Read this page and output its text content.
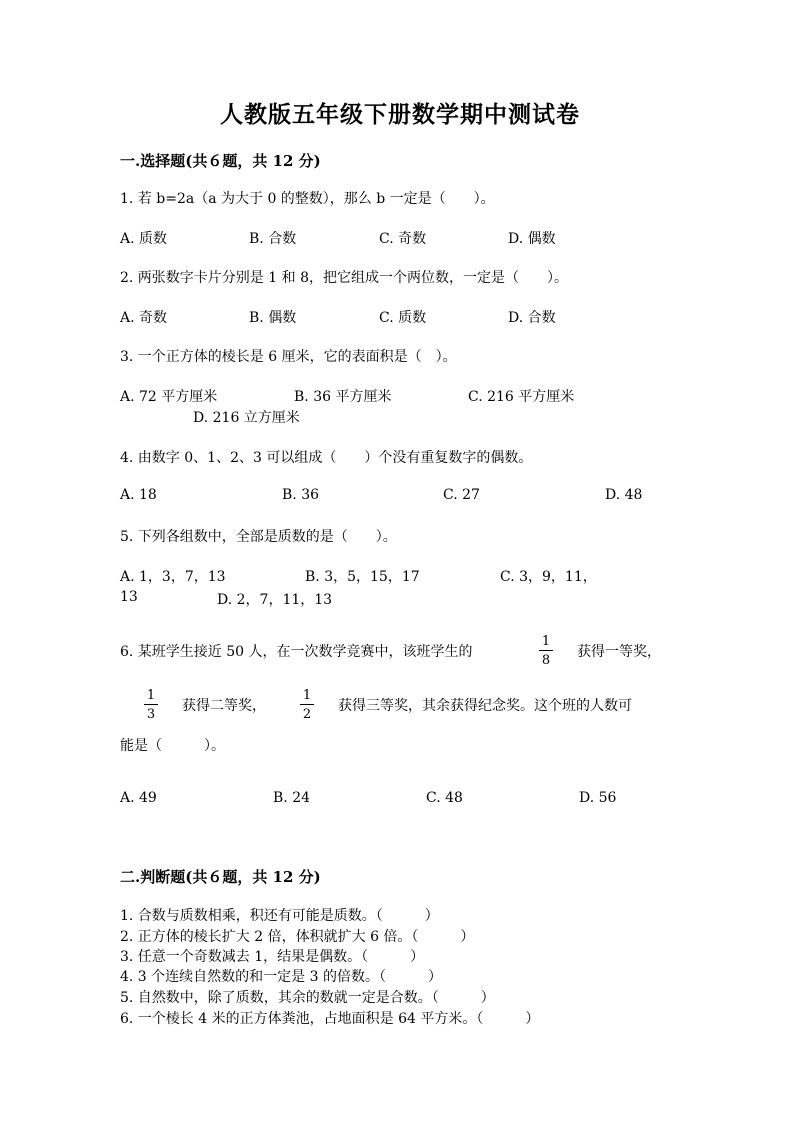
人教版五年级下册数学期中测试卷
一.选择题(共６题，共 12 分)
1. 若 b=2a（a 为大于 0 的整数），那么 b 一定是（　　）。
A. 质数	B. 合数	C. 奇数	D. 偶数
2. 两张数字卡片分别是 1 和 8，把它组成一个两位数，一定是（　　）。
A. 奇数	B. 偶数	C. 质数	D. 合数
3. 一个正方体的棱长是 6 厘米，它的表面积是（　）。
A. 72 平方厘米	B. 36 平方厘米	C. 216 平方厘米
D. 216 立方厘米
4. 由数字 0、1、2、3 可以组成（　　）个没有重复数字的偶数。
A. 18	B. 36	C. 27	D. 48
5. 下列各组数中，全部是质数的是（　　）。
A. 1，3，7，13	B. 3，5，15，17	C. 3，9，11，
13	D. 2，7，11，13
6. 某班学生接近 50 人，在一次数学竞赛中，该班学生的
1
8
获得一等奖，
1
3
获得二等奖，
1
2
获得三等奖，其余获得纪念奖。这个班的人数可
能是（　　　）。
A. 49	B. 24	C. 48	D. 56
二.判断题(共６题，共 12 分)
1. 合数与质数相乘，积还有可能是质数。（　　　）
2. 正方体的棱长扩大 2 倍，体积就扩大 6 倍。（　　　）
3. 任意一个奇数减去 1，结果是偶数。（　　　）
4. 3 个连续自然数的和一定是 3 的倍数。（　　　）
5. 自然数中，除了质数，其余的数就一定是合数。（　　　）
6. 一个棱长 4 米的正方体粪池，占地面积是 64 平方米。（　　　）
